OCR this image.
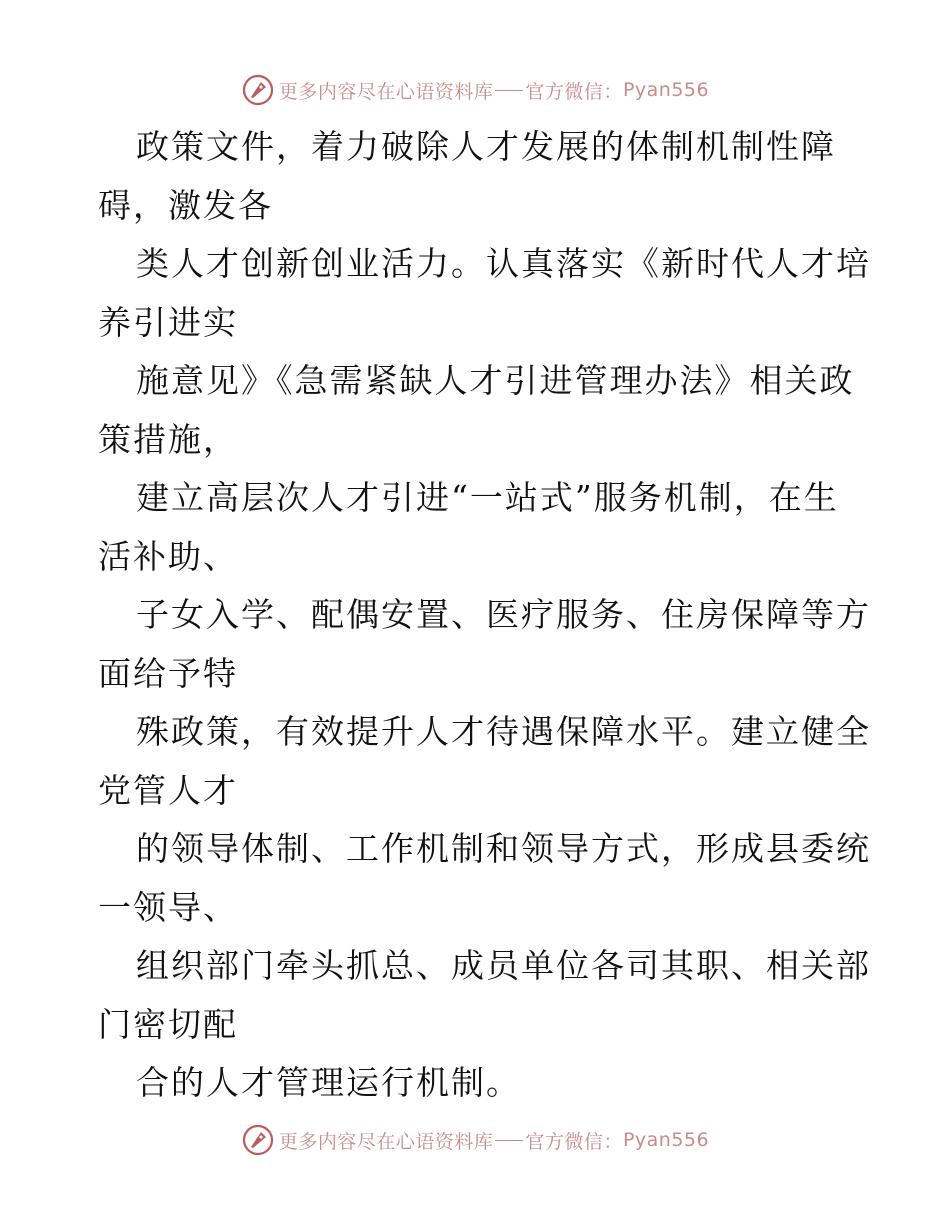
更多内容尽在心语资料库 官方微信： Pyan556
政策文件，着力破除人才发展的体制机制性障
碍，激发各
类人才创新创业活力。认真落实《新时代人才培
养引进实
施意见》《急需紧缺人才引进管理办法》相关政
策措施，
建立高层次人才引进“一站式”服务机制，在生
活补助、
子女入学、配偶安置、医疗服务、住房保障等方
面给予特
殊政策，有效提升人才待遇保障水平。建立健全
党管人才
的领导体制、工作机制和领导方式，形成县委统
一领导、
组织部门牵头抓总、成员单位各司其职、相关部
门密切配
合的人才管理运行机制。
更多内容尽在心语资料库 官方微信： Pyan556
